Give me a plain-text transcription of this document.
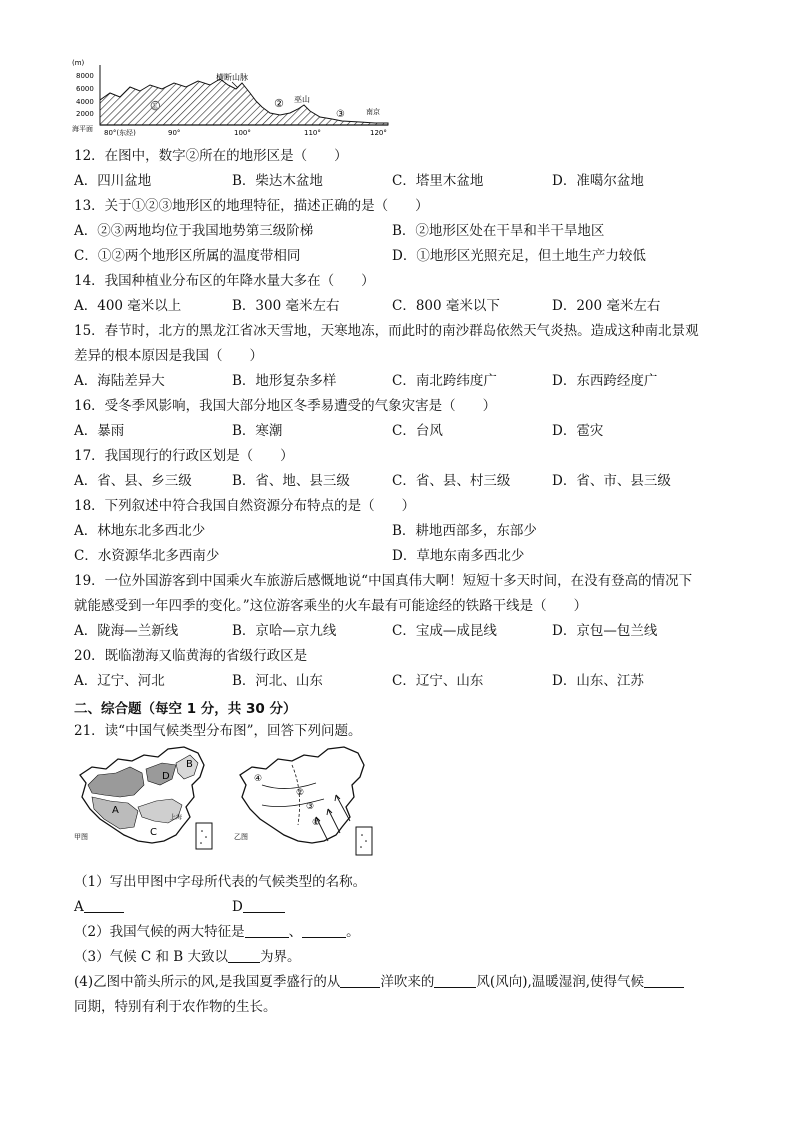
(m)
8000
6000
4000
2000
横断山脉
①	② 巫山
③	南京
海平面 80°(东经)	90°	100°	110°	120°
12．在图中，数字②所在的地形区是（　　）
A．四川盆地	B．柴达木盆地	C．塔里木盆地	D．准噶尔盆地
13．关于①②③地形区的地理特征，描述正确的是（　　）
A．②③两地均位于我国地势第三级阶梯	B．②地形区处在干旱和半干旱地区
C．①②两个地形区所属的温度带相同	D．①地形区光照充足，但土地生产力较低
14．我国种植业分布区的年降水量大多在（　　）
A．400 毫米以上	B．300 毫米左右	C．800 毫米以下	D．200 毫米左右
15．春节时，北方的黑龙江省冰天雪地，天寒地冻，而此时的南沙群岛依然天气炎热。造成这种南北景观
差异的根本原因是我国（　　）
A．海陆差异大	B．地形复杂多样	C．南北跨纬度广	D．东西跨经度广
16．受冬季风影响，我国大部分地区冬季易遭受的气象灾害是（　　）
A．暴雨	B．寒潮	C．台风	D．雹灾
17．我国现行的行政区划是（　　）
A．省、县、乡三级	B．省、地、县三级	C．省、县、村三级	D．省、市、县三级
18．下列叙述中符合我国自然资源分布特点的是（　　）
A．林地东北多西北少	B．耕地西部多，东部少
C．水资源华北多西南少	D．草地东南多西北少
19．一位外国游客到中国乘火车旅游后感慨地说“中国真伟大啊！短短十多天时间，在没有登高的情况下
就能感受到一年四季的变化。”这位游客乘坐的火车最有可能途经的铁路干线是（　　）
A．陇海—兰新线	B．京哈—京九线	C．宝成—成昆线	D．京包—包兰线
20．既临渤海又临黄海的省级行政区是
A．辽宁、河北	B．河北、山东	C．辽宁、山东	D．山东、江苏
二、综合题（每空 1 分，共 30 分）
21．读“中国气候类型分布图”，回答下列问题。
A
B
C
D
上海
甲图
④
②
③
①
乙图
（1）写出甲图中字母所代表的气候类型的名称。
A	D
（2）我国气候的两大特征是	、	。
（3）气候 C 和 B 大致以 为界。
(4)乙图中箭头所示的风,是我国夏季盛行的从	洋吹来的	风(风向),温暖湿润,使得气候
同期，特别有利于农作物的生长。
